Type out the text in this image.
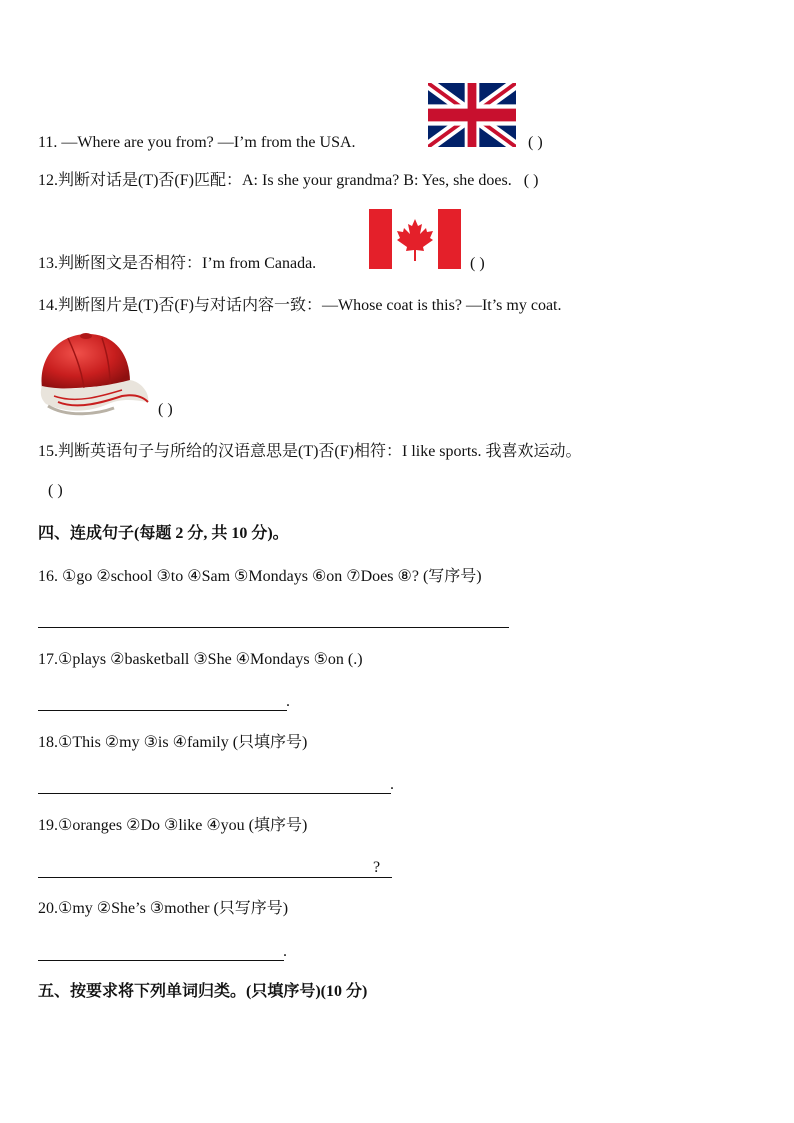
11. —Where are you from? —I’m from the USA.	( )
12.判断对话是(T)否(F)匹配：A: Is she your grandma? B: Yes, she does. ( )
13.判断图文是否相符：I’m from Canada.	( )
14.判断图片是(T)否(F)与对话内容一致：—Whose coat is this? —It’s my coat.
( )
15.判断英语句子与所给的汉语意思是(T)否(F)相符：I like sports. 我喜欢运动。
( )
四、连成句子(每题 2 分, 共 10 分)。
16. ①go ②school ③to ④Sam ⑤Mondays ⑥on ⑦Does ⑧? (写序号)
17.①plays ②basketball ③She ④Mondays ⑤on (.)
.
18.①This ②my ③is ④family (只填序号)
.
19.①oranges ②Do ③like ④you (填序号)
?
20.①my ②She’s ③mother (只写序号)
.
五、按要求将下列单词归类。(只填序号)(10 分)
